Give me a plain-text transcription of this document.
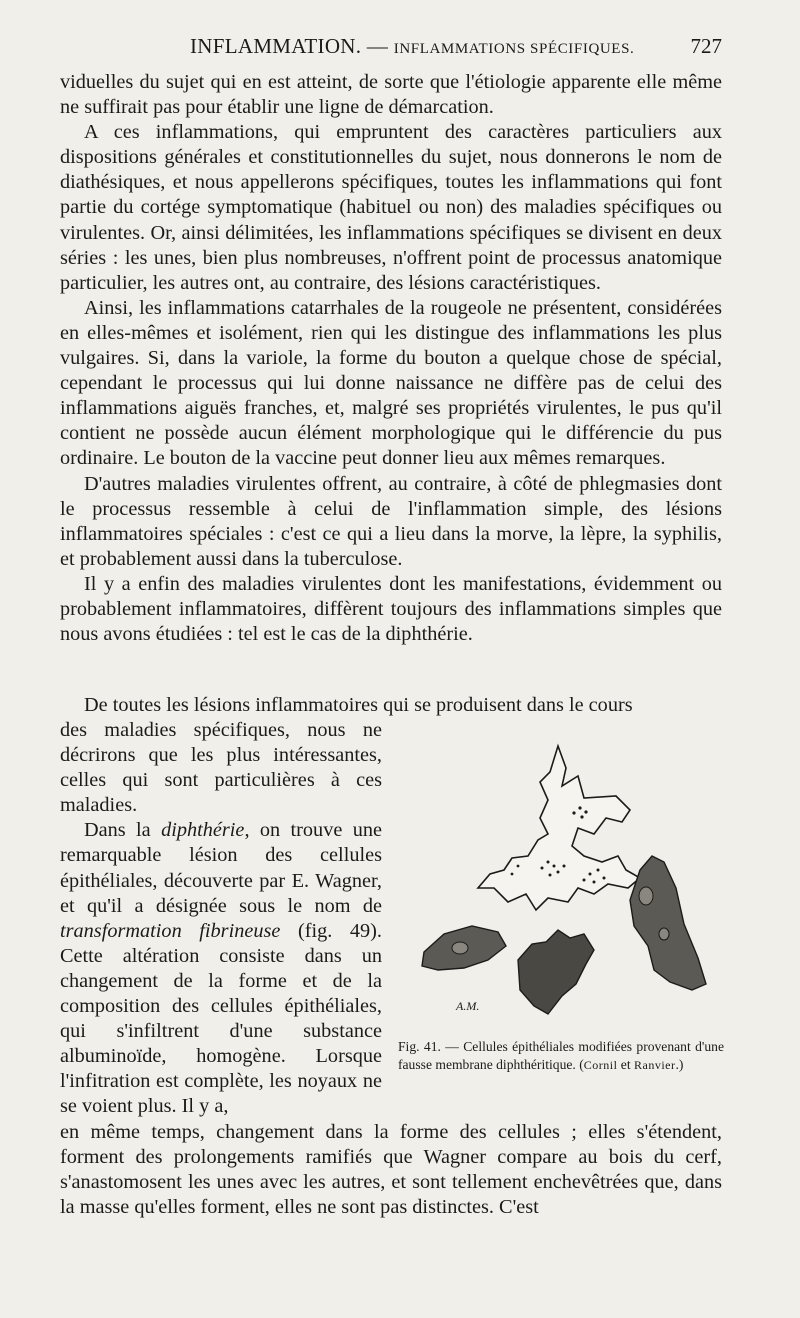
INFLAMMATION. — INFLAMMATIONS SPÉCIFIQUES.	727

viduelles du sujet qui en est atteint, de sorte que l'étiologie apparente elle même ne suffirait pas pour établir une ligne de démarcation.

A ces inflammations, qui empruntent des caractères particuliers aux dispositions générales et constitutionnelles du sujet, nous donnerons le nom de diathésiques, et nous appellerons spécifiques, toutes les inflammations qui font partie du cortége symptomatique (habituel ou non) des maladies spécifiques ou virulentes. Or, ainsi délimitées, les inflammations spécifiques se divisent en deux séries : les unes, bien plus nombreuses, n'offrent point de processus anatomique particulier, les autres ont, au contraire, des lésions caractéristiques.

Ainsi, les inflammations catarrhales de la rougeole ne présentent, considérées en elles-mêmes et isolément, rien qui les distingue des inflammations les plus vulgaires. Si, dans la variole, la forme du bouton a quelque chose de spécial, cependant le processus qui lui donne naissance ne diffère pas de celui des inflammations aiguës franches, et, malgré ses propriétés virulentes, le pus qu'il contient ne possède aucun élément morphologique qui le différencie du pus ordinaire. Le bouton de la vaccine peut donner lieu aux mêmes remarques.

D'autres maladies virulentes offrent, au contraire, à côté de phlegmasies dont le processus ressemble à celui de l'inflammation simple, des lésions inflammatoires spéciales : c'est ce qui a lieu dans la morve, la lèpre, la syphilis, et probablement aussi dans la tuberculose.

Il y a enfin des maladies virulentes dont les manifestations, évidemment ou probablement inflammatoires, diffèrent toujours des inflammations simples que nous avons étudiées : tel est le cas de la diphthérie.

De toutes les lésions inflammatoires qui se produisent dans le cours

des maladies spécifiques, nous ne décrirons que les plus intéressantes, celles qui sont particulières à ces maladies.

Dans la diphthérie, on trouve une remarquable lésion des cellules épithéliales, découverte par E. Wagner, et qu'il a désignée sous le nom de transformation fibrineuse (fig. 49). Cette altération consiste dans un changement de la forme et de la composition des cellules épithéliales, qui s'infiltrent d'une substance albuminoïde, homogène. Lorsque l'infitration est complète, les noyaux ne se voient plus. Il y a,

A.M.
Fig. 41. — Cellules épithéliales modifiées provenant d'une fausse membrane diphthéritique. (Cornil et Ranvier.)

en même temps, changement dans la forme des cellules ; elles s'étendent, forment des prolongements ramifiés que Wagner compare au bois du cerf, s'anastomosent les unes avec les autres, et sont tellement enchevêtrées que, dans la masse qu'elles forment, elles ne sont pas distinctes. C'est
